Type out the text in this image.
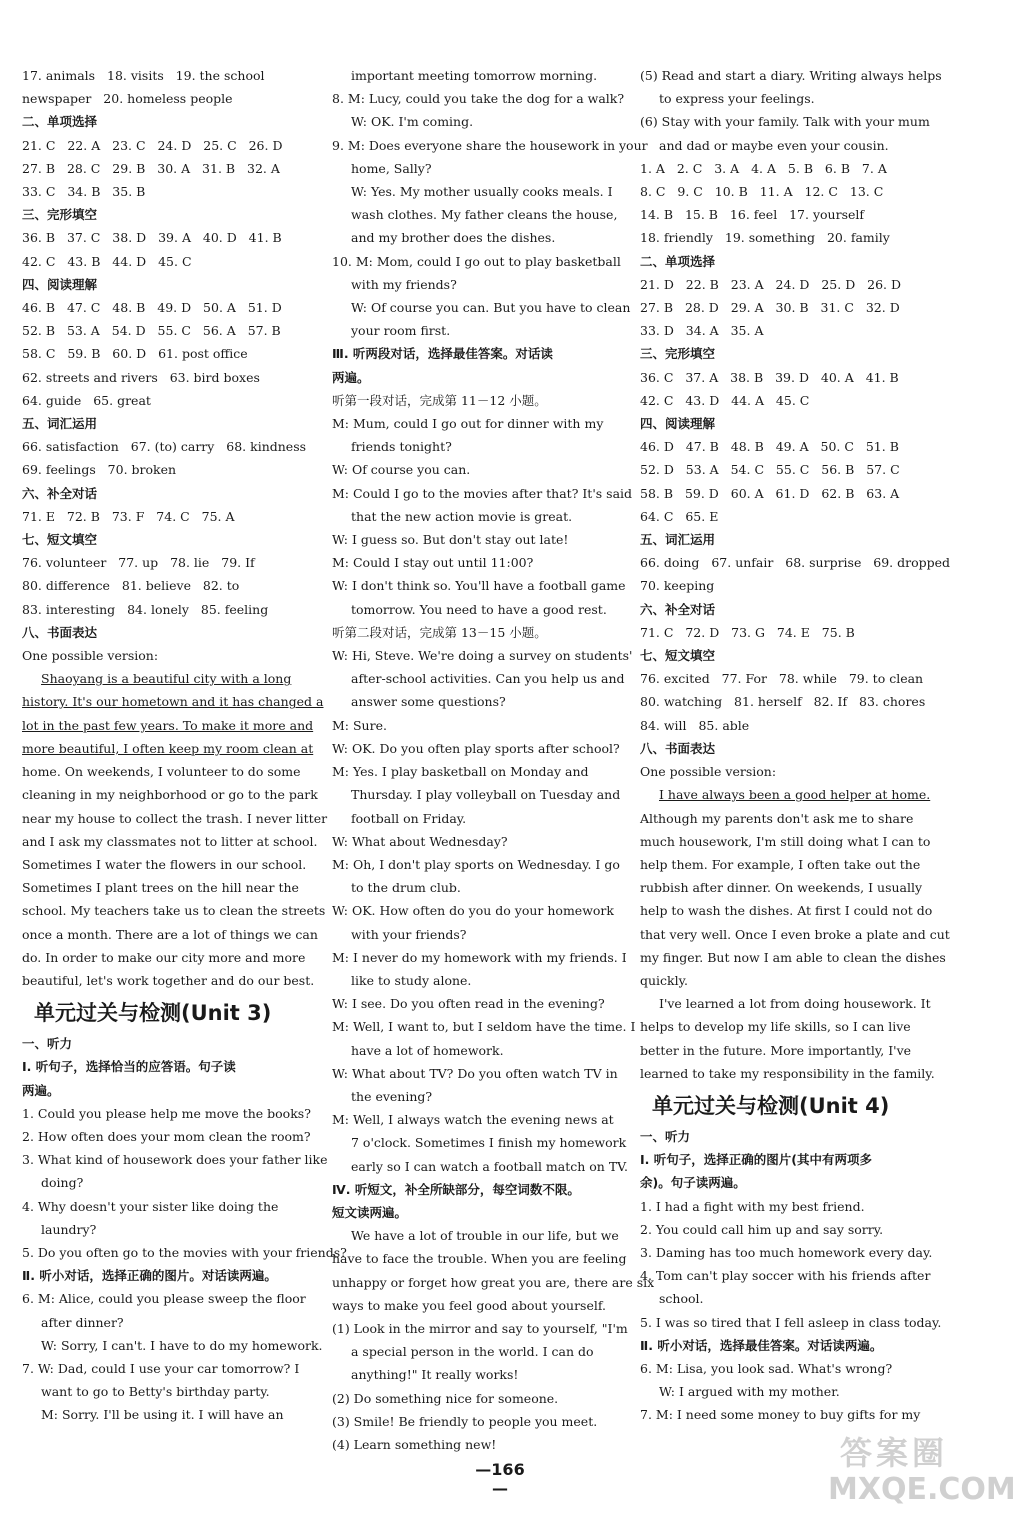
17. animals   18. visits   19. the school
newspaper   20. homeless people
二、单项选择
21. C   22. A   23. C   24. D   25. C   26. D
27. B   28. C   29. B   30. A   31. B   32. A
33. C   34. B   35. B
三、完形填空
36. B   37. C   38. D   39. A   40. D   41. B
42. C   43. B   44. D   45. C
四、阅读理解
46. B   47. C   48. B   49. D   50. A   51. D
52. B   53. A   54. D   55. C   56. A   57. B
58. C   59. B   60. D   61. post office
62. streets and rivers   63. bird boxes
64. guide   65. great
五、词汇运用
66. satisfaction   67. (to) carry   68. kindness
69. feelings   70. broken
六、补全对话
71. E   72. B   73. F   74. C   75. A
七、短文填空
76. volunteer   77. up   78. lie   79. If
80. difference   81. believe   82. to
83. interesting   84. lonely   85. feeling
八、书面表达
One possible version:
Shaoyang is a beautiful city with a long
history. It's our hometown and it has changed a
lot in the past few years. To make it more and
more beautiful, I often keep my room clean at
home. On weekends, I volunteer to do some
cleaning in my neighborhood or go to the park
near my house to collect the trash. I never litter
and I ask my classmates not to litter at school.
Sometimes I water the flowers in our school.
Sometimes I plant trees on the hill near the
school. My teachers take us to clean the streets
once a month. There are a lot of things we can
do. In order to make our city more and more
beautiful, let's work together and do our best.
单元过关与检测(Unit 3)
一、听力
Ⅰ. 听句子，选择恰当的应答语。句子读
两遍。
1. Could you please help me move the books?
2. How often does your mom clean the room?
3. What kind of housework does your father like
doing?
4. Why doesn't your sister like doing the
laundry?
5. Do you often go to the movies with your friends?
Ⅱ. 听小对话，选择正确的图片。对话读两遍。
6. M: Alice, could you please sweep the floor
after dinner?
W: Sorry, I can't. I have to do my homework.
7. W: Dad, could I use your car tomorrow? I
want to go to Betty's birthday party.
M: Sorry. I'll be using it. I will have an
important meeting tomorrow morning.
8. M: Lucy, could you take the dog for a walk?
W: OK. I'm coming.
9. M: Does everyone share the housework in your
home, Sally?
W: Yes. My mother usually cooks meals. I
wash clothes. My father cleans the house,
and my brother does the dishes.
10. M: Mom, could I go out to play basketball
with my friends?
W: Of course you can. But you have to clean
your room first.
Ⅲ. 听两段对话，选择最佳答案。对话读
两遍。
听第一段对话，完成第 11－12 小题。
M: Mum, could I go out for dinner with my
friends tonight?
W: Of course you can.
M: Could I go to the movies after that? It's said
that the new action movie is great.
W: I guess so. But don't stay out late!
M: Could I stay out until 11:00?
W: I don't think so. You'll have a football game
tomorrow. You need to have a good rest.
听第二段对话，完成第 13－15 小题。
W: Hi, Steve. We're doing a survey on students'
after-school activities. Can you help us and
answer some questions?
M: Sure.
W: OK. Do you often play sports after school?
M: Yes. I play basketball on Monday and
Thursday. I play volleyball on Tuesday and
football on Friday.
W: What about Wednesday?
M: Oh, I don't play sports on Wednesday. I go
to the drum club.
W: OK. How often do you do your homework
with your friends?
M: I never do my homework with my friends. I
like to study alone.
W: I see. Do you often read in the evening?
M: Well, I want to, but I seldom have the time. I
have a lot of homework.
W: What about TV? Do you often watch TV in
the evening?
M: Well, I always watch the evening news at
7 o'clock. Sometimes I finish my homework
early so I can watch a football match on TV.
Ⅳ. 听短文，补全所缺部分，每空词数不限。
短文读两遍。
We have a lot of trouble in our life, but we
have to face the trouble. When you are feeling
unhappy or forget how great you are, there are six
ways to make you feel good about yourself.
(1) Look in the mirror and say to yourself, "I'm
a special person in the world. I can do
anything!" It really works!
(2) Do something nice for someone.
(3) Smile! Be friendly to people you meet.
(4) Learn something new!
(5) Read and start a diary. Writing always helps
to express your feelings.
(6) Stay with your family. Talk with your mum
and dad or maybe even your cousin.
1. A   2. C   3. A   4. A   5. B   6. B   7. A
8. C   9. C   10. B   11. A   12. C   13. C
14. B   15. B   16. feel   17. yourself
18. friendly   19. something   20. family
二、单项选择
21. D   22. B   23. A   24. D   25. D   26. D
27. B   28. D   29. A   30. B   31. C   32. D
33. D   34. A   35. A
三、完形填空
36. C   37. A   38. B   39. D   40. A   41. B
42. C   43. D   44. A   45. C
四、阅读理解
46. D   47. B   48. B   49. A   50. C   51. B
52. D   53. A   54. C   55. C   56. B   57. C
58. B   59. D   60. A   61. D   62. B   63. A
64. C   65. E
五、词汇运用
66. doing   67. unfair   68. surprise   69. dropped
70. keeping
六、补全对话
71. C   72. D   73. G   74. E   75. B
七、短文填空
76. excited   77. For   78. while   79. to clean
80. watching   81. herself   82. If   83. chores
84. will   85. able
八、书面表达
One possible version:
I have always been a good helper at home.
Although my parents don't ask me to share
much housework, I'm still doing what I can to
help them. For example, I often take out the
rubbish after dinner. On weekends, I usually
help to wash the dishes. At first I could not do
that very well. Once I even broke a plate and cut
my finger. But now I am able to clean the dishes
quickly.
I've learned a lot from doing housework. It
helps to develop my life skills, so I can live
better in the future. More importantly, I've
learned to take my responsibility in the family.
单元过关与检测(Unit 4)
一、听力
Ⅰ. 听句子，选择正确的图片(其中有两项多
余)。句子读两遍。
1. I had a fight with my best friend.
2. You could call him up and say sorry.
3. Daming has too much homework every day.
4. Tom can't play soccer with his friends after
school.
5. I was so tired that I fell asleep in class today.
Ⅱ. 听小对话，选择最佳答案。对话读两遍。
6. M: Lisa, you look sad. What's wrong?
W: I argued with my mother.
7. M: I need some money to buy gifts for my
—166—
答案圈
MXQE.COM
